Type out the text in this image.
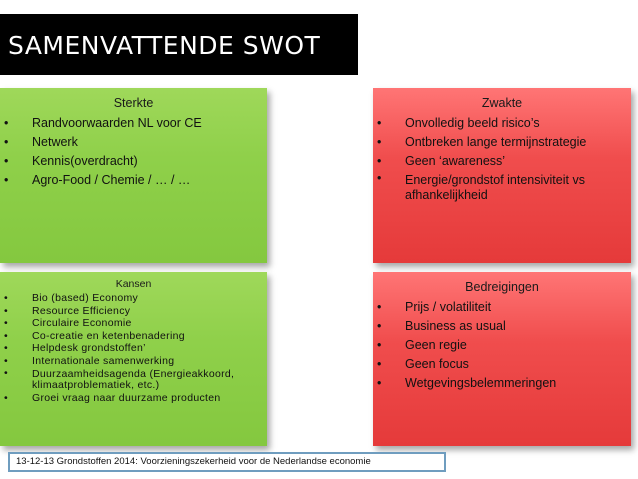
SAMENVATTENDE SWOT
Sterkte
• Randvoorwaarden NL voor CE
• Netwerk
• Kennis(overdracht)
• Agro-Food / Chemie / … / …
Zwakte
• Onvolledig beeld risico’s
• Ontbreken lange termijnstrategie
• Geen ‘awareness’
• Energie/grondstof intensiviteit vs afhankelijkheid
Kansen
• Bio (based) Economy
• Resource Efficiency
• Circulaire Economie
• Co-creatie en ketenbenadering
• Helpdesk grondstoffen’
• Internationale samenwerking
• Duurzaamheidsagenda (Energieakkoord, klimaatproblematiek, etc.)
• Groei vraag naar duurzame producten
Bedreigingen
• Prijs / volatiliteit
• Business as usual
• Geen regie
• Geen focus
• Wetgevingsbelemmeringen
13-12-13 Grondstoffen 2014: Voorzieningszekerheid voor de Nederlandse economie
